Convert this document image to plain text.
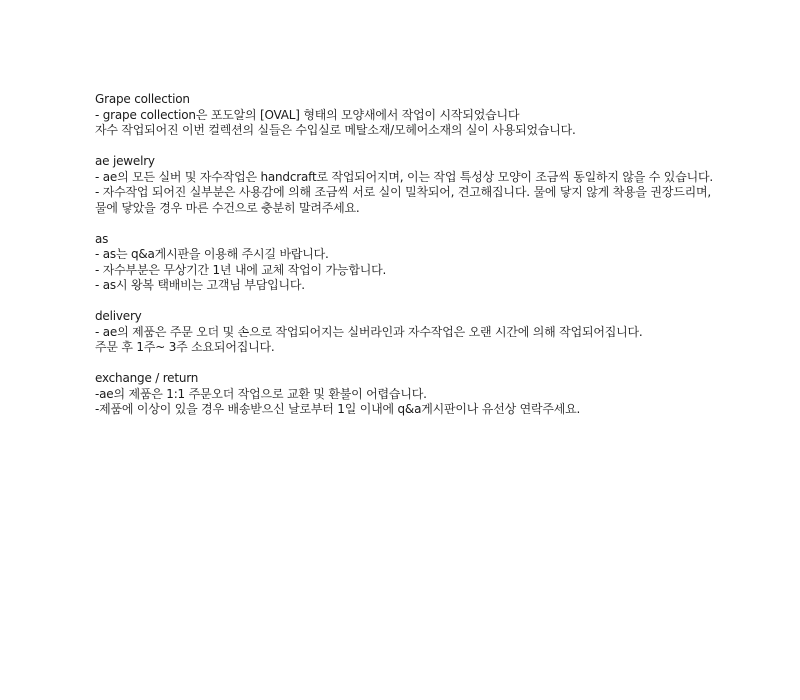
Grape collection
- grape collection은 포도알의 [OVAL] 형태의 모양새에서 작업이 시작되었습니다
자수 작업되어진 이번 컬렉션의 실들은 수입실로 메탈소재/모헤어소재의 실이 사용되었습니다.
ae jewelry
- ae의 모든 실버 및 자수작업은 handcraft로 작업되어지며, 이는 작업 특성상 모양이 조금씩 동일하지 않을 수 있습니다.
- 자수작업 되어진 실부분은 사용감에 의해 조금씩 서로 실이 밀착되어, 견고해집니다. 물에 닿지 않게 착용을 권장드리며,
물에 닿았을 경우 마른 수건으로 충분히 말려주세요.
as
- as는 q&a게시판을 이용해 주시길 바랍니다.
- 자수부분은 무상기간 1년 내에 교체 작업이 가능합니다.
- as시 왕복 택배비는 고객님 부담입니다.
delivery
- ae의 제품은 주문 오더 및 손으로 작업되어지는 실버라인과 자수작업은 오랜 시간에 의해 작업되어집니다.
주문 후 1주~ 3주 소요되어집니다.
exchange / return
-ae의 제품은 1:1 주문오더 작업으로 교환 및 환불이 어렵습니다.
-제품에 이상이 있을 경우 배송받으신 날로부터 1일 이내에 q&a게시판이나 유선상 연락주세요.
